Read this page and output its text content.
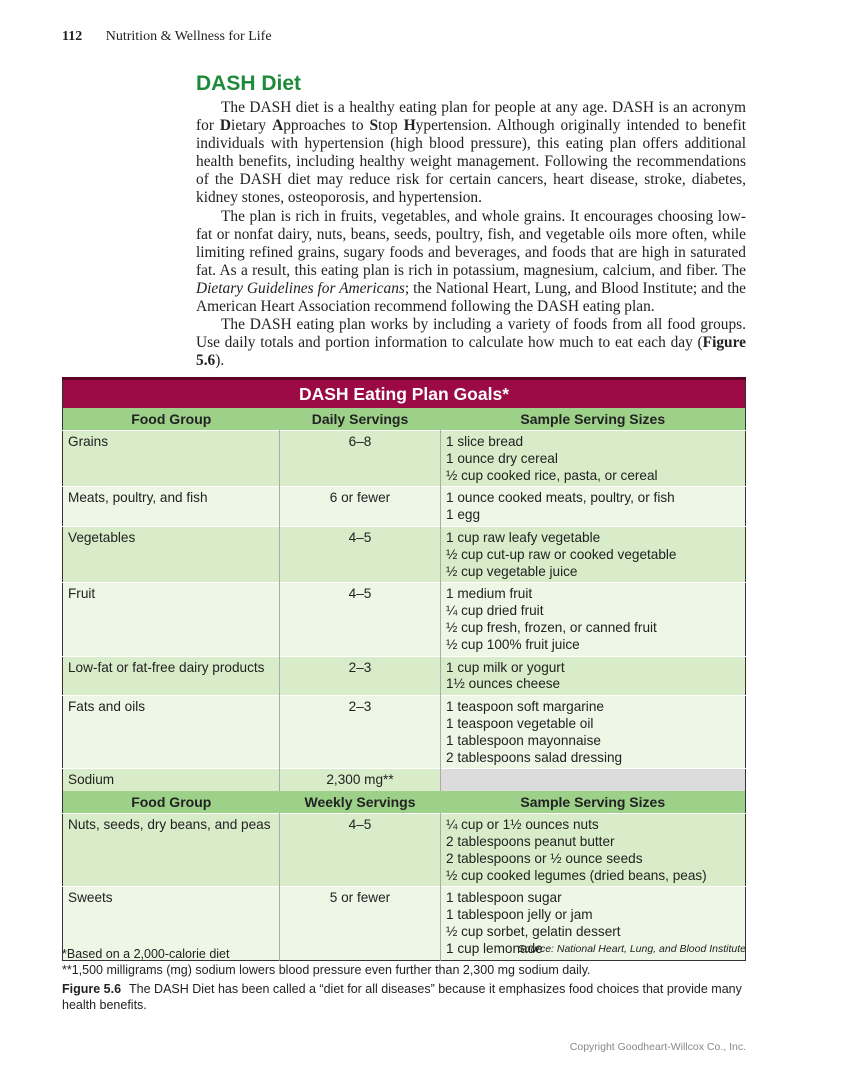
112 Nutrition & Wellness for Life
DASH Diet

The DASH diet is a healthy eating plan for people at any age. DASH is an acronym for Dietary Approaches to Stop Hypertension. Although originally intended to benefit individuals with hypertension (high blood pressure), this eating plan offers additional health benefits, including healthy weight management. Following the recommendations of the DASH diet may reduce risk for certain cancers, heart disease, stroke, diabetes, kidney stones, osteoporosis, and hypertension.

The plan is rich in fruits, vegetables, and whole grains. It encourages choosing low-fat or nonfat dairy, nuts, beans, seeds, poultry, fish, and vegetable oils more often, while limiting refined grains, sugary foods and beverages, and foods that are high in saturated fat. As a result, this eating plan is rich in potassium, magnesium, calcium, and fiber. The Dietary Guidelines for Americans; the National Heart, Lung, and Blood Institute; and the American Heart Association recommend following the DASH eating plan.

The DASH eating plan works by including a variety of foods from all food groups. Use daily totals and portion information to calculate how much to eat each day (Figure 5.6).

DASH Eating Plan Goals*		
Food Group	Daily Servings	Sample Serving Sizes
Grains	6–8	1 slice bread
1 ounce dry cereal
½ cup cooked rice, pasta, or cereal

Meats, poultry, and fish	6 or fewer	1 ounce cooked meats, poultry, or fish
1 egg

Vegetables	4–5	1 cup raw leafy vegetable
½ cup cut-up raw or cooked vegetable
½ cup vegetable juice

Fruit	4–5	1 medium fruit
¼ cup dried fruit
½ cup fresh, frozen, or canned fruit
½ cup 100% fruit juice

Low-fat or fat-free dairy products	2–3	1 cup milk or yogurt
1½ ounces cheese

Fats and oils	2–3	1 teaspoon soft margarine
1 teaspoon vegetable oil
1 tablespoon mayonnaise
2 tablespoons salad dressing

Sodium	2,300 mg**	
Food Group	Weekly Servings	Sample Serving Sizes
Nuts, seeds, dry beans, and peas	4–5	¼ cup or 1½ ounces nuts
2 tablespoons peanut butter
2 tablespoons or ½ ounce seeds
½ cup cooked legumes (dried beans, peas)

Sweets	5 or fewer	1 tablespoon sugar
1 tablespoon jelly or jam
½ cup sorbet, gelatin dessert
1 cup lemonade
Source: National Heart, Lung, and Blood Institute
*Based on a 2,000-calorie diet
**1,500 milligrams (mg) sodium lowers blood pressure even further than 2,300 mg sodium daily.
Figure 5.6 The DASH Diet has been called a “diet for all diseases” because it emphasizes food choices that provide many health benefits.
Copyright Goodheart-Willcox Co., Inc.
